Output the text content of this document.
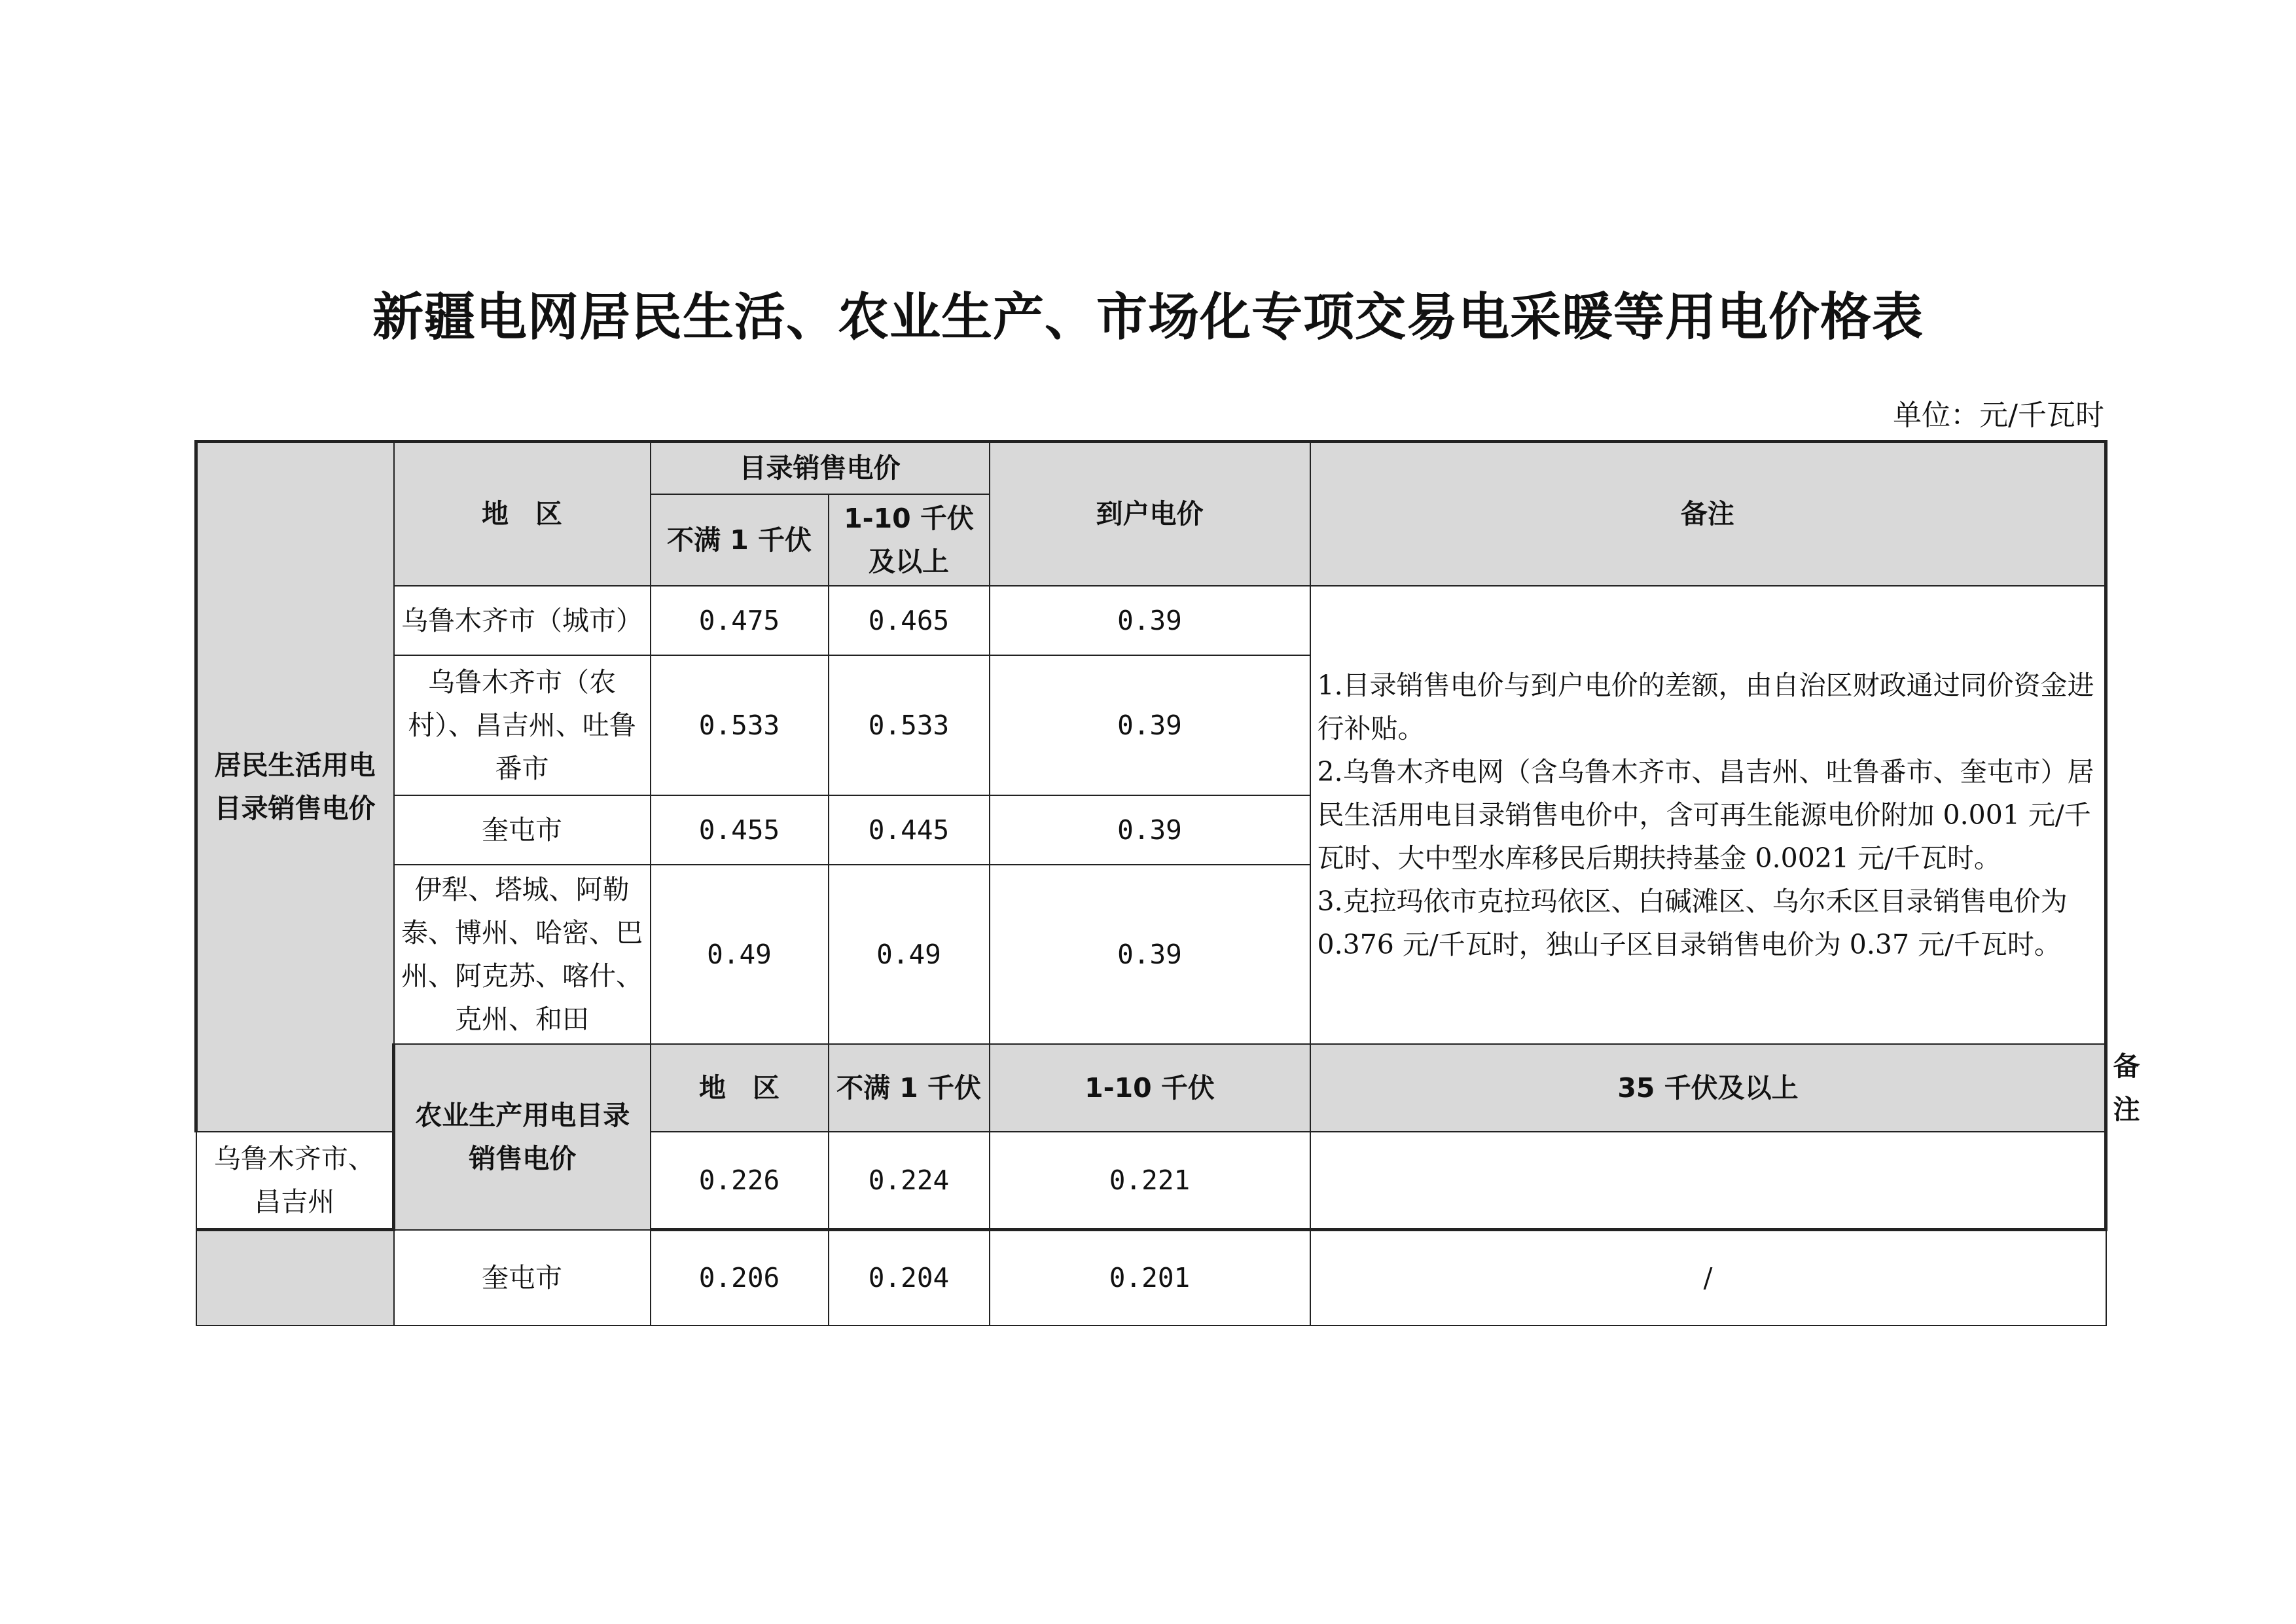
新疆电网居民生活、农业生产、市场化专项交易电采暖等用电价格表
单位：元/千瓦时
居民生活用电目录销售电价	地　区	目录销售电价		到户电价	备注	
		不满 1 千伏	1-10 千伏及以上			
	乌鲁木齐市（城市）	0.475	0.465	0.39	1.目录销售电价与到户电价的差额，由自治区财政通过同价资金进行补贴。

2.乌鲁木齐电网（含乌鲁木齐市、昌吉州、吐鲁番市、奎屯市）居民生活用电目录销售电价中，含可再生能源电价附加 0.001 元/千瓦时、大中型水库移民后期扶持基金 0.0021 元/千瓦时。

3.克拉玛依市克拉玛依区、白碱滩区、乌尔禾区目录销售电价为 0.376 元/千瓦时，独山子区目录销售电价为 0.37 元/千瓦时。	

	乌鲁木齐市（农村）、昌吉州、吐鲁番市	0.533	0.533	0.39		
	奎屯市	0.455	0.445	0.39		
	伊犁、塔城、阿勒泰、博州、哈密、巴州、阿克苏、喀什、克州、和田	0.49	0.49	0.39		
	农业生产用电目录销售电价	地　区	不满 1 千伏	1-10 千伏	35 千伏及以上	备注
乌鲁木齐市、昌吉州		0.226	0.224	0.221		
	奎屯市	0.206	0.204	0.201	/	
